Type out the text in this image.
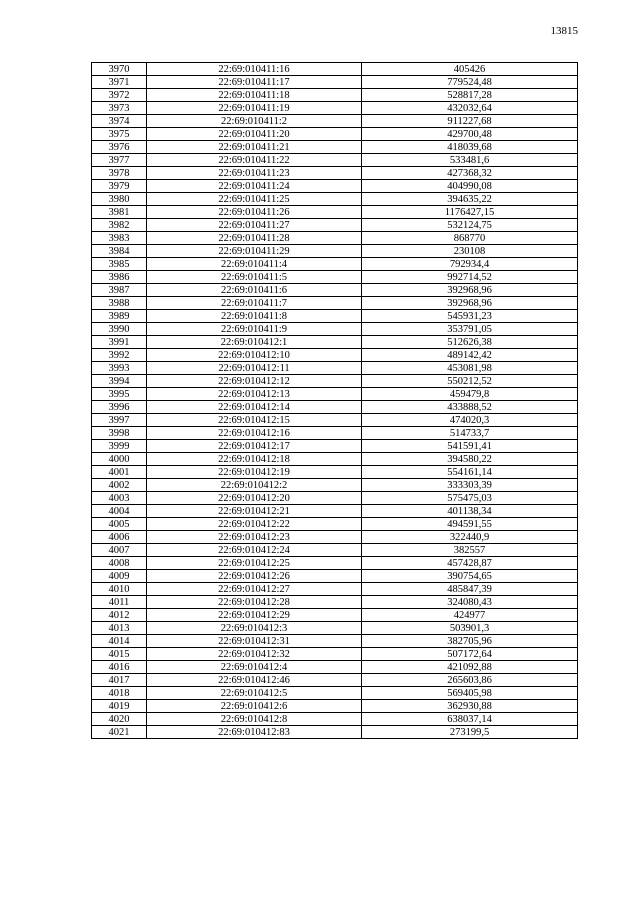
13815
3970	22:69:010411:16	405426
3971	22:69:010411:17	779524,48
3972	22:69:010411:18	528817,28
3973	22:69:010411:19	432032,64
3974	22:69:010411:2	911227,68
3975	22:69:010411:20	429700,48
3976	22:69:010411:21	418039,68
3977	22:69:010411:22	533481,6
3978	22:69:010411:23	427368,32
3979	22:69:010411:24	404990,08
3980	22:69:010411:25	394635,22
3981	22:69:010411:26	1176427,15
3982	22:69:010411:27	532124,75
3983	22:69:010411:28	868770
3984	22:69:010411:29	230108
3985	22:69:010411:4	792934,4
3986	22:69:010411:5	992714,52
3987	22:69:010411:6	392968,96
3988	22:69:010411:7	392968,96
3989	22:69:010411:8	545931,23
3990	22:69:010411:9	353791,05
3991	22:69:010412:1	512626,38
3992	22:69:010412:10	489142,42
3993	22:69:010412:11	453081,98
3994	22:69:010412:12	550212,52
3995	22:69:010412:13	459479,8
3996	22:69:010412:14	433888,52
3997	22:69:010412:15	474020,3
3998	22:69:010412:16	514733,7
3999	22:69:010412:17	541591,41
4000	22:69:010412:18	394580,22
4001	22:69:010412:19	554161,14
4002	22:69:010412:2	333303,39
4003	22:69:010412:20	575475,03
4004	22:69:010412:21	401138,34
4005	22:69:010412:22	494591,55
4006	22:69:010412:23	322440,9
4007	22:69:010412:24	382557
4008	22:69:010412:25	457428,87
4009	22:69:010412:26	390754,65
4010	22:69:010412:27	485847,39
4011	22:69:010412:28	324080,43
4012	22:69:010412:29	424977
4013	22:69:010412:3	503901,3
4014	22:69:010412:31	382705,96
4015	22:69:010412:32	507172,64
4016	22:69:010412:4	421092,88
4017	22:69:010412:46	265603,86
4018	22:69:010412:5	569405,98
4019	22:69:010412:6	362930,88
4020	22:69:010412:8	638037,14
4021	22:69:010412:83	273199,5
